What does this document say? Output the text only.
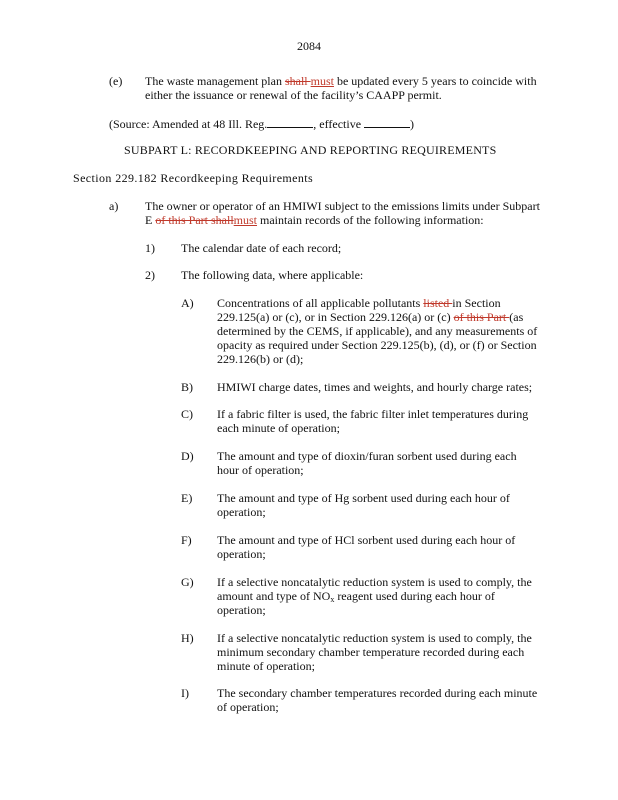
2084
(e) The waste management plan shall must be updated every 5 years to coincide with
either the issuance or renewal of the facility’s CAAPP permit.
(Source: Amended at 48 Ill. Reg.	, effective	)
SUBPART L: RECORDKEEPING AND REPORTING REQUIREMENTS
Section 229.182 Recordkeeping Requirements
a) The owner or operator of an HMIWI subject to the emissions limits under Subpart
E of this Part shallmust maintain records of the following information:
1) The calendar date of each record;
2) The following data, where applicable:
A) Concentrations of all applicable pollutants listed in Section
229.125(a) or (c), or in Section 229.126(a) or (c) of this Part (as
determined by the CEMS, if applicable), and any measurements of
opacity as required under Section 229.125(b), (d), or (f) or Section
229.126(b) or (d);
B) HMIWI charge dates, times and weights, and hourly charge rates;
C) If a fabric filter is used, the fabric filter inlet temperatures during
each minute of operation;
D) The amount and type of dioxin/furan sorbent used during each
hour of operation;
E) The amount and type of Hg sorbent used during each hour of
operation;
F) The amount and type of HCl sorbent used during each hour of
operation;
G) If a selective noncatalytic reduction system is used to comply, the
amount and type of $NO_x$ reagent used during each hour of
operation;
H) If a selective noncatalytic reduction system is used to comply, the
minimum secondary chamber temperature recorded during each
minute of operation;
I) The secondary chamber temperatures recorded during each minute
of operation;
